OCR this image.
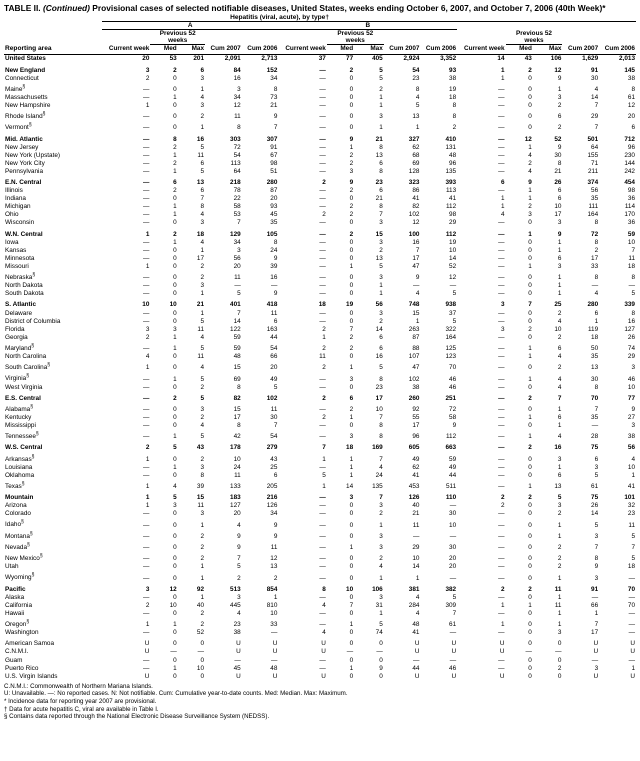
TABLE II. (Continued) Provisional cases of selected notifiable diseases, United States, weeks ending October 6, 2007, and October 7, 2006 (40th Week)*
	Hepatitis (viral, acute), by type†														
	A					B									
		Previous 52 weeks					Previous 52 weeks					Previous 52 weeks			
Reporting area	Current week	Med	Max	Cum 2007	Cum 2006	Current week	Med	Max	Cum 2007	Cum 2006	Current week	Med	Max	Cum 2007	Cum 2006

United States	20	53	201	2,091	2,713	37	77	405	2,924	3,352	14	43	106	1,629	2,013

New England	3	2	6	84	152	—	2	5	54	93	1	2	12	91	145
Connecticut	2	0	3	16	34	—	0	5	23	38	1	0	9	30	38
Maine§	—	0	1	3	8	—	0	2	8	19	—	0	1	4	8
Massachusetts	—	1	4	34	73	—	0	1	4	18	—	0	3	14	61
New Hampshire	1	0	3	12	21	—	0	1	5	8	—	0	2	7	12
Rhode Island§	—	0	2	11	9	—	0	3	13	8	—	0	6	29	20
Vermont§	—	0	1	8	7	—	0	1	1	2	—	0	2	7	6

Mid. Atlantic	—	8	16	303	307	—	9	21	327	410	—	12	52	501	712
New Jersey	—	2	5	72	91	—	1	8	62	131	—	1	9	64	96
New York (Upstate)	—	1	11	54	67	—	2	13	68	48	—	4	30	155	230
New York City	—	2	6	113	98	—	2	6	69	96	—	2	8	71	144
Pennsylvania	—	1	5	64	51	—	3	8	128	135	—	4	21	211	242

E.N. Central	—	6	13	218	280	2	9	23	323	393	6	9	26	374	454
Illinois	—	2	6	78	87	—	2	6	86	113	—	1	6	56	98
Indiana	—	0	7	22	20	—	0	21	41	41	1	1	6	35	36
Michigan	—	1	8	58	93	—	2	8	82	112	1	2	10	111	114
Ohio	—	1	4	53	45	2	2	7	102	98	4	3	17	164	170
Wisconsin	—	0	3	7	35	—	0	3	12	29	—	0	3	8	36

W.N. Central	1	2	18	129	105	—	2	15	100	112	—	1	9	72	59
Iowa	—	1	4	34	8	—	0	3	16	19	—	0	1	8	10
Kansas	—	0	1	3	24	—	0	2	7	10	—	0	1	2	7
Minnesota	—	0	17	56	9	—	0	13	17	14	—	0	6	17	11
Missouri	1	0	2	20	39	—	1	5	47	52	—	1	3	33	18
Nebraska§	—	0	2	11	16	—	0	3	9	12	—	0	1	8	8
North Dakota	—	0	3	—	—	—	0	1	—	—	—	0	1	—	—
South Dakota	—	0	1	5	9	—	0	1	4	5	—	0	1	4	5

S. Atlantic	10	10	21	401	418	18	19	56	748	938	3	7	25	280	339
Delaware	—	0	1	7	11	—	0	3	15	37	—	0	2	6	8
District of Columbia	—	0	5	14	6	—	0	2	1	5	—	0	4	1	16
Florida	3	3	11	122	163	2	7	14	263	322	3	2	10	119	127
Georgia	2	1	4	59	44	1	2	6	87	164	—	0	2	18	26
Maryland§	—	1	5	59	54	2	2	6	88	125	—	1	6	50	74
North Carolina	4	0	11	48	66	11	0	16	107	123	—	1	4	35	29
South Carolina§	1	0	4	15	20	2	1	5	47	70	—	0	2	13	3
Virginia§	—	1	5	69	49	—	3	8	102	46	—	1	4	30	46
West Virginia	—	0	2	8	5	—	0	23	38	46	—	0	4	8	10

E.S. Central	—	2	5	82	102	2	6	17	260	251	—	2	7	70	77
Alabama§	—	0	3	15	11	—	2	10	92	72	—	0	1	7	9
Kentucky	—	0	2	17	30	2	1	7	55	58	—	1	6	35	27
Mississippi	—	0	4	8	7	—	0	8	17	9	—	0	1	—	3
Tennessee§	—	1	5	42	54	—	3	8	96	112	—	1	4	28	38

W.S. Central	2	5	43	178	279	7	18	169	605	663	—	2	16	75	56
Arkansas§	1	0	2	10	43	1	1	7	49	59	—	0	3	6	4
Louisiana	—	1	3	24	25	—	1	4	62	49	—	0	1	3	10
Oklahoma	—	0	8	11	6	5	1	24	41	44	—	0	6	5	1
Texas§	1	4	39	133	205	1	14	135	453	511	—	1	13	61	41

Mountain	1	5	15	183	216	—	3	7	126	110	2	2	5	75	101
Arizona	1	3	11	127	126	—	0	3	40	—	2	0	3	26	32
Colorado	—	0	3	20	34	—	0	2	21	30	—	0	2	14	23
Idaho§	—	0	1	4	9	—	0	1	11	10	—	0	1	5	11
Montana§	—	0	2	9	9	—	0	3	—	—	—	0	1	3	5
Nevada§	—	0	2	9	11	—	1	3	29	30	—	0	2	7	7
New Mexico§	—	0	2	7	12	—	0	2	10	20	—	0	2	8	5
Utah	—	0	1	5	13	—	0	4	14	20	—	0	2	9	18
Wyoming§	—	0	1	2	2	—	0	1	1	—	—	0	1	3	—

Pacific	3	12	92	513	854	8	10	106	381	382	2	2	11	91	70
Alaska	—	0	1	3	1	—	0	3	4	5	—	0	1	—	—
California	2	10	40	445	810	4	7	31	284	309	1	1	11	66	70
Hawaii	—	0	2	4	10	—	0	1	4	7	—	0	1	1	—
Oregon§	1	1	2	23	33	—	1	5	48	61	1	0	1	7	—
Washington	—	0	52	38	—	4	0	74	41	—	—	0	3	17	—

American Samoa	U	0	0	U	U	U	0	0	U	U	U	0	0	U	U
C.N.M.I.	U	—	—	U	U	U	—	—	U	U	U	—	—	U	U
Guam	—	0	0	—	—	—	0	0	—	—	—	0	0	—	—
Puerto Rico	—	1	10	45	48	—	1	9	44	46	—	0	2	3	1
U.S. Virgin Islands	U	0	0	U	U	U	0	0	U	U	U	0	0	U	U
C.N.M.I.: Commonwealth of Northern Mariana Islands.
U: Unavailable. —: No reported cases. N: Not notifiable. Cum: Cumulative year-to-date counts. Med: Median. Max: Maximum.
* Incidence data for reporting year 2007 are provisional.
† Data for acute hepatitis C, viral are available in Table I.
§ Contains data reported through the National Electronic Disease Surveillance System (NEDSS).
